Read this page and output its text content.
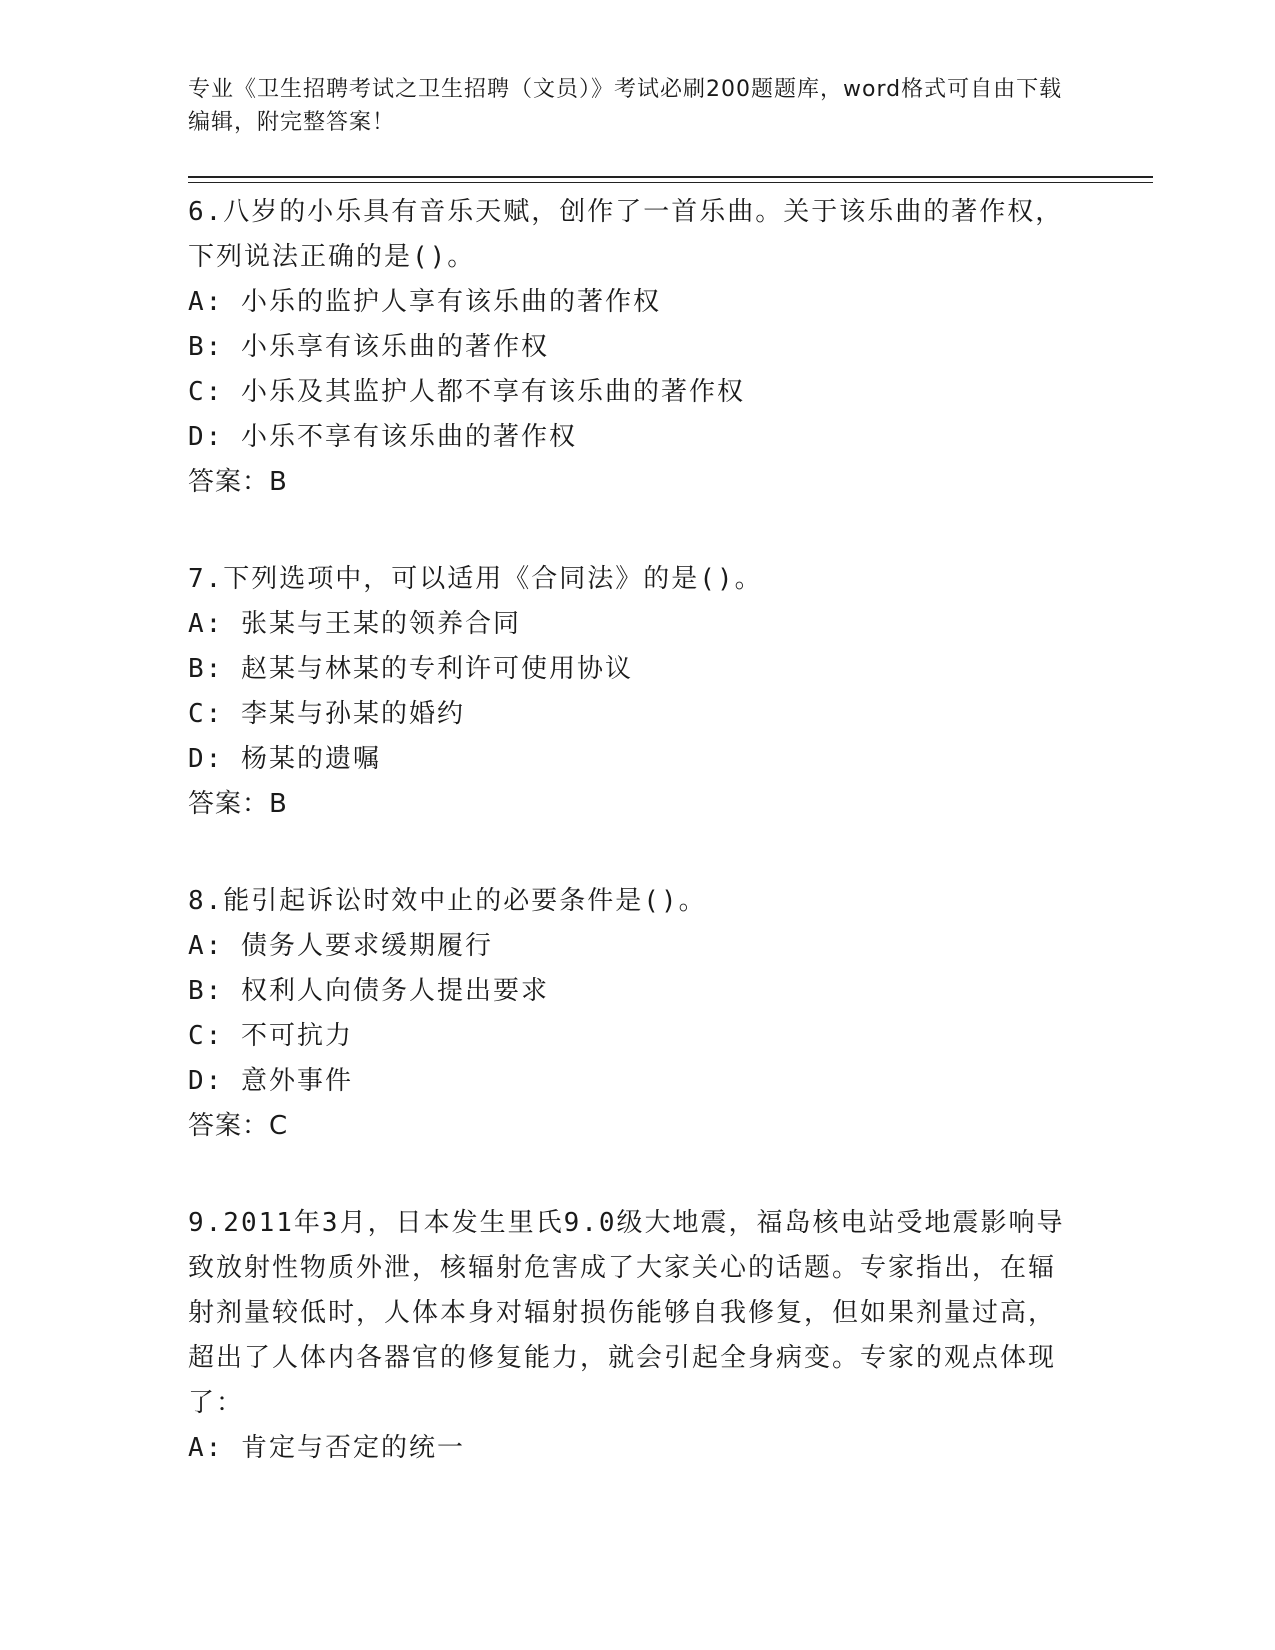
专业《卫生招聘考试之卫生招聘（文员）》考试必刷200题题库，word格式可自由下载编辑，附完整答案！

6.八岁的小乐具有音乐天赋，创作了一首乐曲。关于该乐曲的著作权，下列说法正确的是()。

A: 小乐的监护人享有该乐曲的著作权

B: 小乐享有该乐曲的著作权

C: 小乐及其监护人都不享有该乐曲的著作权

D: 小乐不享有该乐曲的著作权

答案：B

7.下列选项中，可以适用《合同法》的是()。

A: 张某与王某的领养合同

B: 赵某与林某的专利许可使用协议

C: 李某与孙某的婚约

D: 杨某的遗嘱

答案：B

8.能引起诉讼时效中止的必要条件是()。

A: 债务人要求缓期履行

B: 权利人向债务人提出要求

C: 不可抗力

D: 意外事件

答案：C

9.2011年3月，日本发生里氏9.0级大地震，福岛核电站受地震影响导致放射性物质外泄，核辐射危害成了大家关心的话题。专家指出，在辐射剂量较低时，人体本身对辐射损伤能够自我修复，但如果剂量过高，超出了人体内各器官的修复能力，就会引起全身病变。专家的观点体现了：

A: 肯定与否定的统一
